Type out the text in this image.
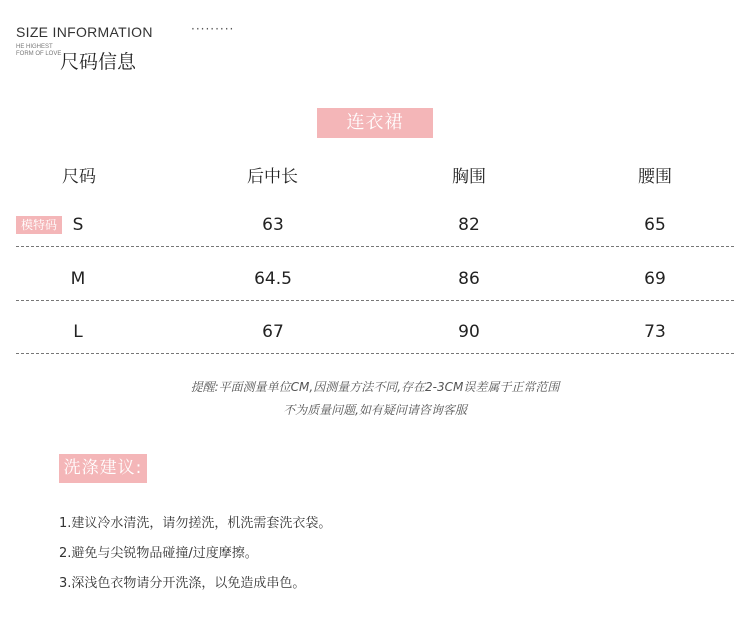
SIZE INFORMATION	·········
HE HIGHEST
FORM OF LOVE
尺码信息
连衣裙
尺码	后中长	胸围	腰围
模特码 S	63	82	65
M	64.5	86	69
L	67	90	73
提醒:平面测量单位CM,因测量方法不同,存在2-3CM误差属于正常范围
不为质量问题,如有疑问请咨询客服
洗涤建议:
1.建议冷水清洗，请勿搓洗，机洗需套洗衣袋。
2.避免与尖锐物品碰撞/过度摩擦。
3.深浅色衣物请分开洗涤，以免造成串色。
